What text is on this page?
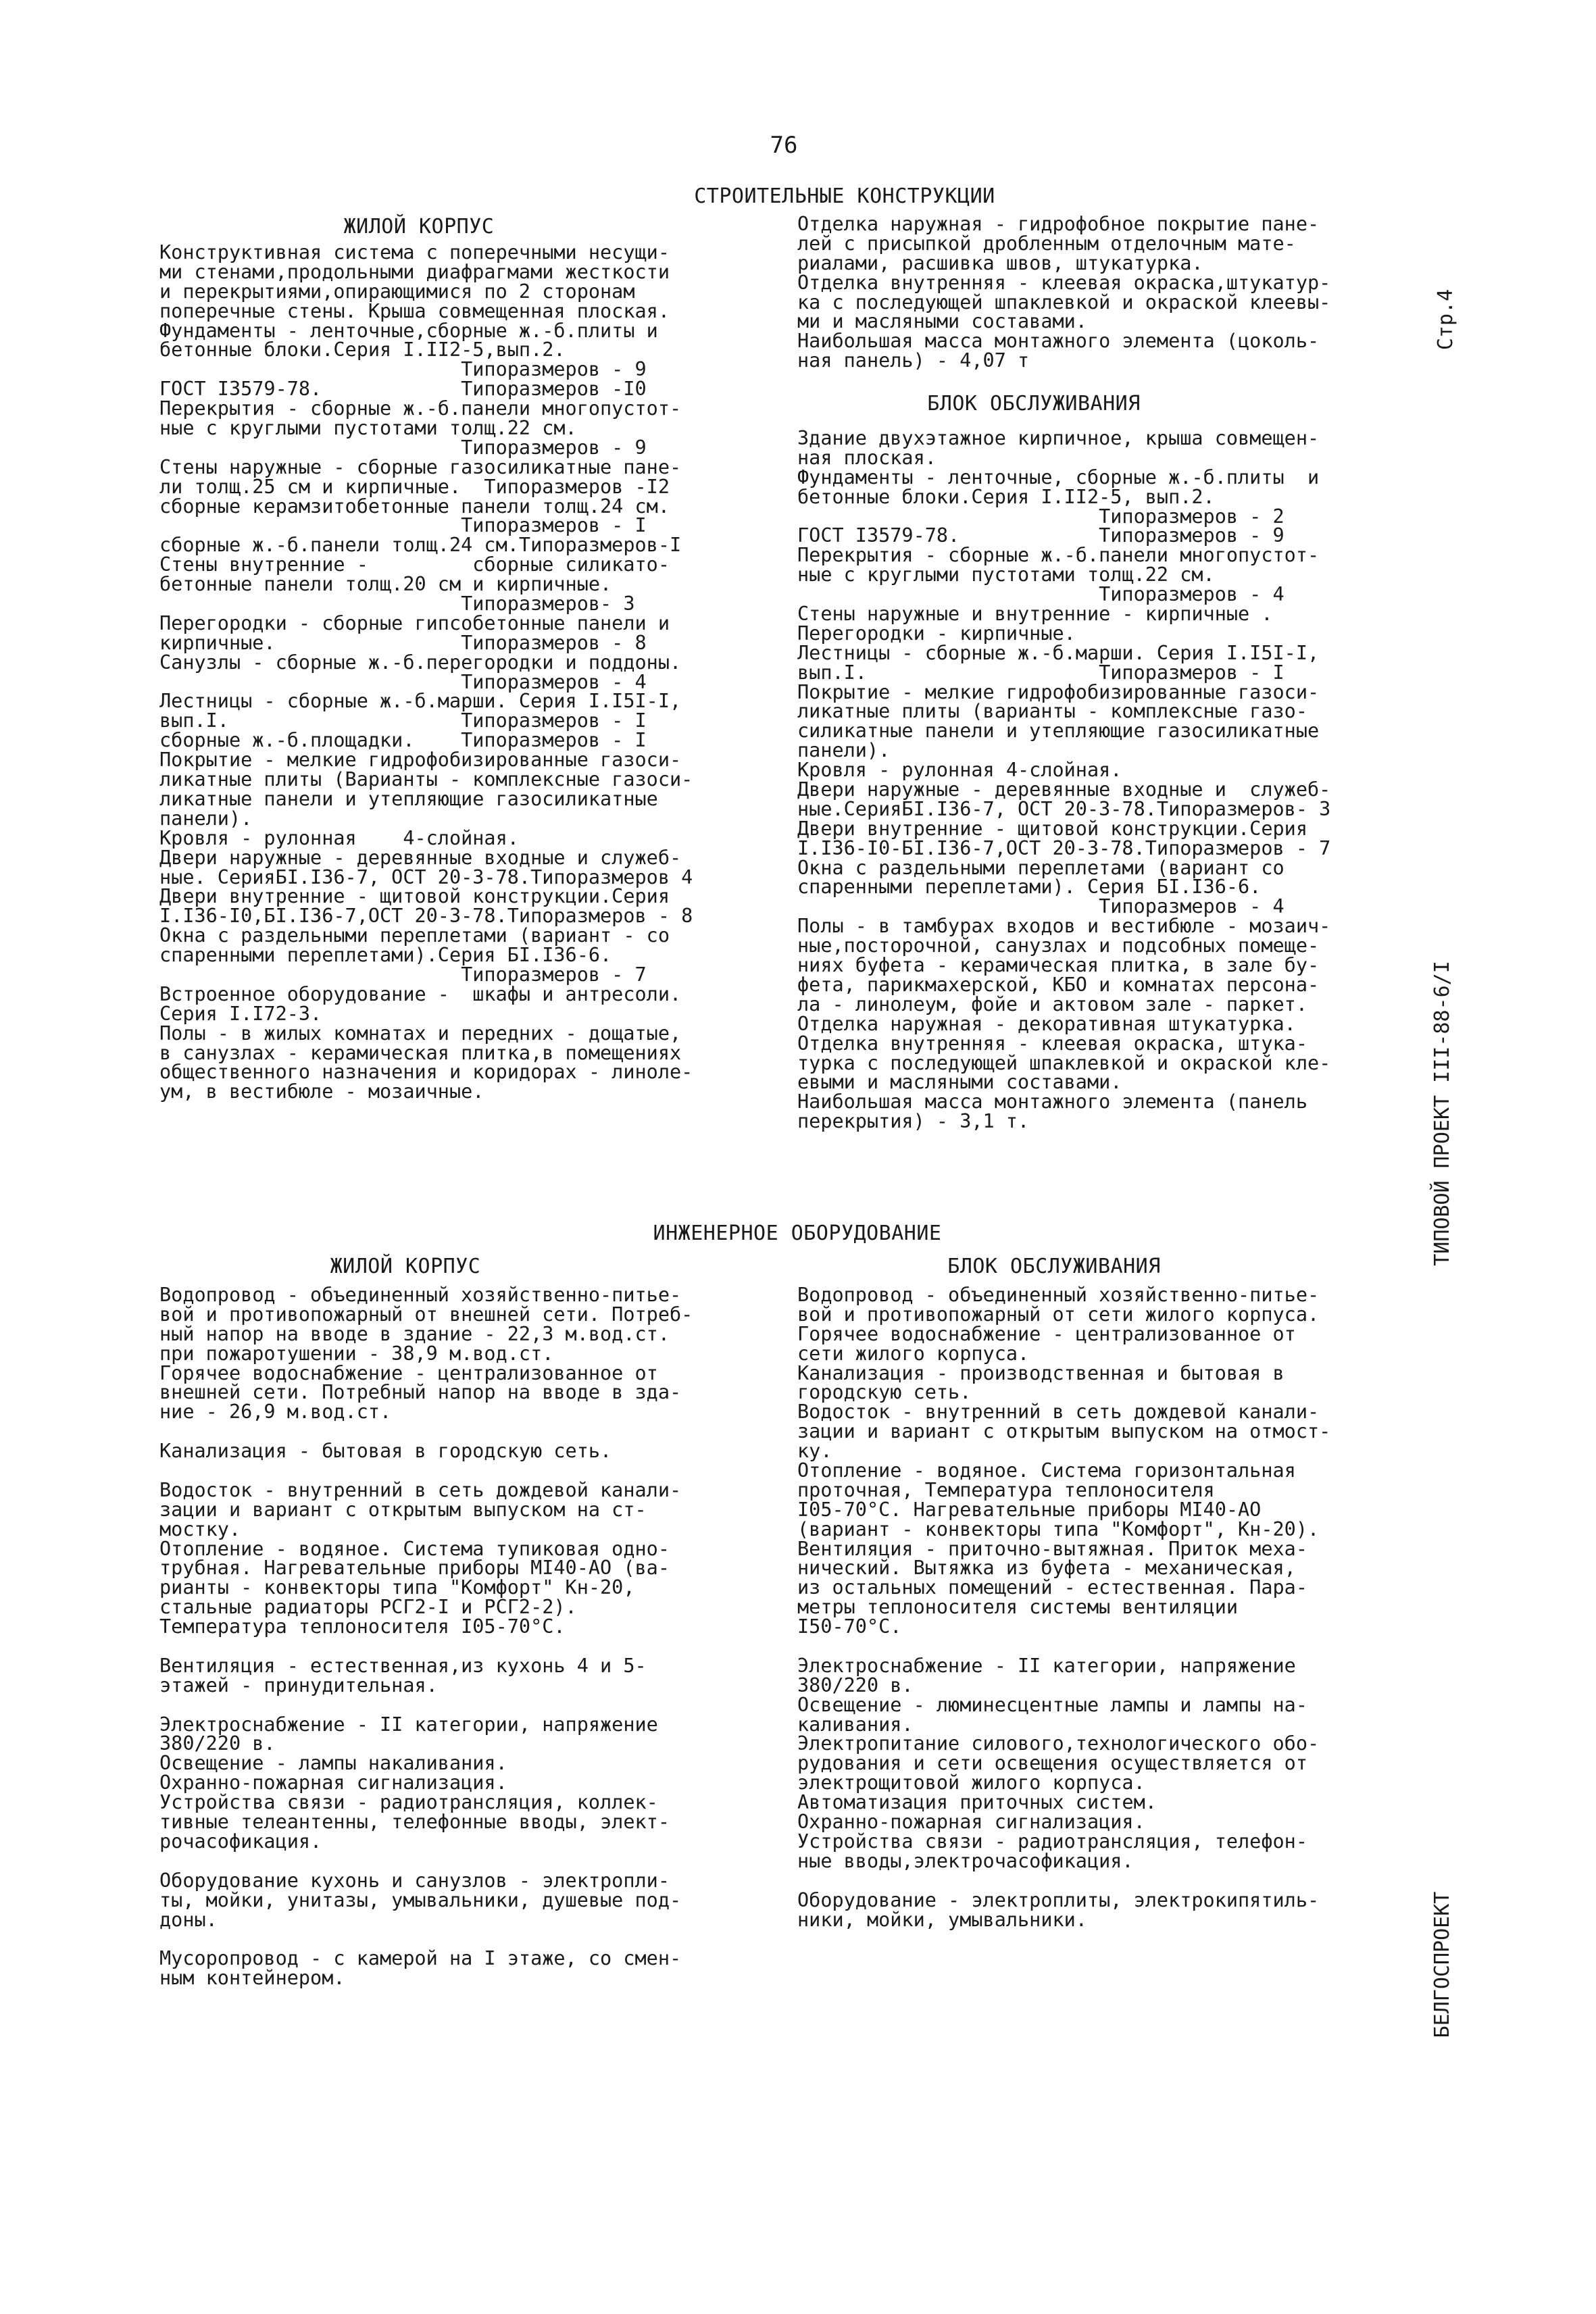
76
СТРОИТЕЛЬНЫЕ КОНСТРУКЦИИ
ЖИЛОЙ КОРПУС
Конструктивная система с поперечными несущи-
ми стенами,продольными диафрагмами жесткости
и перекрытиями,опирающимися по 2 сторонам
поперечные стены. Крыша совмещенная плоская.
Фундаменты - ленточные,сборные ж.-б.плиты и
бетонные блоки.Серия I.II2-5,вып.2.
Типоразмеров - 9
ГОСТ I3579-78.            Типоразмеров -I0
Перекрытия - сборные ж.-б.панели многопустот-
ные с круглыми пустотами толщ.22 см.
Типоразмеров - 9
Стены наружные - сборные газосиликатные пане-
ли толщ.25 см и кирпичные.  Типоразмеров -I2
сборные керамзитобетонные панели толщ.24 см.
Типоразмеров - I
сборные ж.-б.панели толщ.24 см.Типоразмеров-I
Стены внутренние -         сборные силикато-
бетонные панели толщ.20 см и кирпичные.
Типоразмеров- 3
Перегородки - сборные гипсобетонные панели и
кирпичные.                Типоразмеров - 8
Санузлы - сборные ж.-б.перегородки и поддоны.
Типоразмеров - 4
Лестницы - сборные ж.-б.марши. Серия I.I5I-I,
вып.I.                    Типоразмеров - I
сборные ж.-б.площадки.    Типоразмеров - I
Покрытие - мелкие гидрофобизированные газоси-
ликатные плиты (Варианты - комплексные газоси-
ликатные панели и утепляющие газосиликатные
панели).
Кровля - рулонная    4-слойная.
Двери наружные - деревянные входные и служеб-
ные. СерияБI.I36-7, ОСТ 20-3-78.Типоразмеров 4
Двери внутренние - щитовой конструкции.Серия
I.I36-I0,БI.I36-7,ОСТ 20-3-78.Типоразмеров - 8
Окна с раздельными переплетами (вариант - со
спаренными переплетами).Серия БI.I36-6.
Типоразмеров - 7
Встроенное оборудование -  шкафы и антресоли.
Серия I.I72-3.
Полы - в жилых комнатах и передних - дощатые,
в санузлах - керамическая плитка,в помещениях
общественного назначения и коридорах - линоле-
ум, в вестибюле - мозаичные.
Отделка наружная - гидрофобное покрытие пане-
лей с присыпкой дробленным отделочным мате-
риалами, расшивка швов, штукатурка.
Отделка внутренняя - клеевая окраска,штукатур-
ка с последующей шпаклевкой и окраской клеевы-
ми и масляными составами.
Наибольшая масса монтажного элемента (цоколь-
ная панель) - 4,07 т
БЛОК ОБСЛУЖИВАНИЯ
Здание двухэтажное кирпичное, крыша совмещен-
ная плоская.
Фундаменты - ленточные, сборные ж.-б.плиты  и
бетонные блоки.Серия I.II2-5, вып.2.
Типоразмеров - 2
ГОСТ I3579-78.            Типоразмеров - 9
Перекрытия - сборные ж.-б.панели многопустот-
ные с круглыми пустотами толщ.22 см.
Типоразмеров - 4
Стены наружные и внутренние - кирпичные .
Перегородки - кирпичные.
Лестницы - сборные ж.-б.марши. Серия I.I5I-I,
вып.I.                    Типоразмеров - I
Покрытие - мелкие гидрофобизированные газоси-
ликатные плиты (варианты - комплексные газо-
силикатные панели и утепляющие газосиликатные
панели).
Кровля - рулонная 4-слойная.
Двери наружные - деревянные входные и  служеб-
ные.СерияБI.I36-7, ОСТ 20-3-78.Типоразмеров- 3
Двери внутренние - щитовой конструкции.Серия
I.I36-I0-БI.I36-7,ОСТ 20-3-78.Типоразмеров - 7
Окна с раздельными переплетами (вариант со
спаренными переплетами). Серия БI.I36-6.
Типоразмеров - 4
Полы - в тамбурах входов и вестибюле - мозаич-
ные,посторочной, санузлах и подсобных помеще-
ниях буфета - керамическая плитка, в зале бу-
фета, парикмахерской, КБО и комнатах персона-
ла - линолеум, фойе и актовом зале - паркет.
Отделка наружная - декоративная штукатурка.
Отделка внутренняя - клеевая окраска, штука-
турка с последующей шпаклевкой и окраской кле-
евыми и масляными составами.
Наибольшая масса монтажного элемента (панель
перекрытия) - 3,1 т.
ИНЖЕНЕРНОЕ ОБОРУДОВАНИЕ
ЖИЛОЙ КОРПУС	БЛОК ОБСЛУЖИВАНИЯ
Водопровод - объединенный хозяйственно-питье-
вой и противопожарный от внешней сети. Потреб-
ный напор на вводе в здание - 22,3 м.вод.ст.
при пожаротушении - 38,9 м.вод.ст.
Горячее водоснабжение - централизованное от
внешней сети. Потребный напор на вводе в зда-
ние - 26,9 м.вод.ст.
Канализация - бытовая в городскую сеть.
Водосток - внутренний в сеть дождевой канали-
зации и вариант с открытым выпуском на ст-
мостку.
Отопление - водяное. Система тупиковая одно-
трубная. Нагревательные приборы МI40-АО (ва-
рианты - конвекторы типа "Комфорт" Кн-20,
стальные радиаторы РСГ2-I и РСГ2-2).
Температура теплоносителя I05-70°С.
Вентиляция - естественная,из кухонь 4 и 5-
этажей - принудительная.
Электроснабжение - II категории, напряжение
380/220 в.
Освещение - лампы накаливания.
Охранно-пожарная сигнализация.
Устройства связи - радиотрансляция, коллек-
тивные телеантенны, телефонные вводы, элект-
рочасофикация.
Оборудование кухонь и санузлов - электропли-
ты, мойки, унитазы, умывальники, душевые под-
доны.
Мусоропровод - с камерой на I этаже, со смен-
ным контейнером.
Водопровод - объединенный хозяйственно-питье-
вой и противопожарный от сети жилого корпуса.
Горячее водоснабжение - централизованное от
сети жилого корпуса.
Канализация - производственная и бытовая в
городскую сеть.
Водосток - внутренний в сеть дождевой канали-
зации и вариант с открытым выпуском на отмост-
ку.
Отопление - водяное. Система горизонтальная
проточная, Температура теплоносителя
I05-70°С. Нагревательные приборы МI40-АО
(вариант - конвекторы типа "Комфорт", Кн-20).
Вентиляция - приточно-вытяжная. Приток меха-
нический. Вытяжка из буфета - механическая,
из остальных помещений - естественная. Пара-
метры теплоносителя системы вентиляции
I50-70°С.
Электроснабжение - II категории, напряжение
380/220 в.
Освещение - люминесцентные лампы и лампы на-
каливания.
Электропитание силового,технологического обо-
рудования и сети освещения осуществляется от
электрощитовой жилого корпуса.
Автоматизация приточных систем.
Охранно-пожарная сигнализация.
Устройства связи - радиотрансляция, телефон-
ные вводы,электрочасофикация.
Оборудование - электроплиты, электрокипятиль-
ники, мойки, умывальники.
Стр.4
ТИПОВОЙ ПРОЕКТ III-88-6/I
БЕЛГОСПРОЕКТ
